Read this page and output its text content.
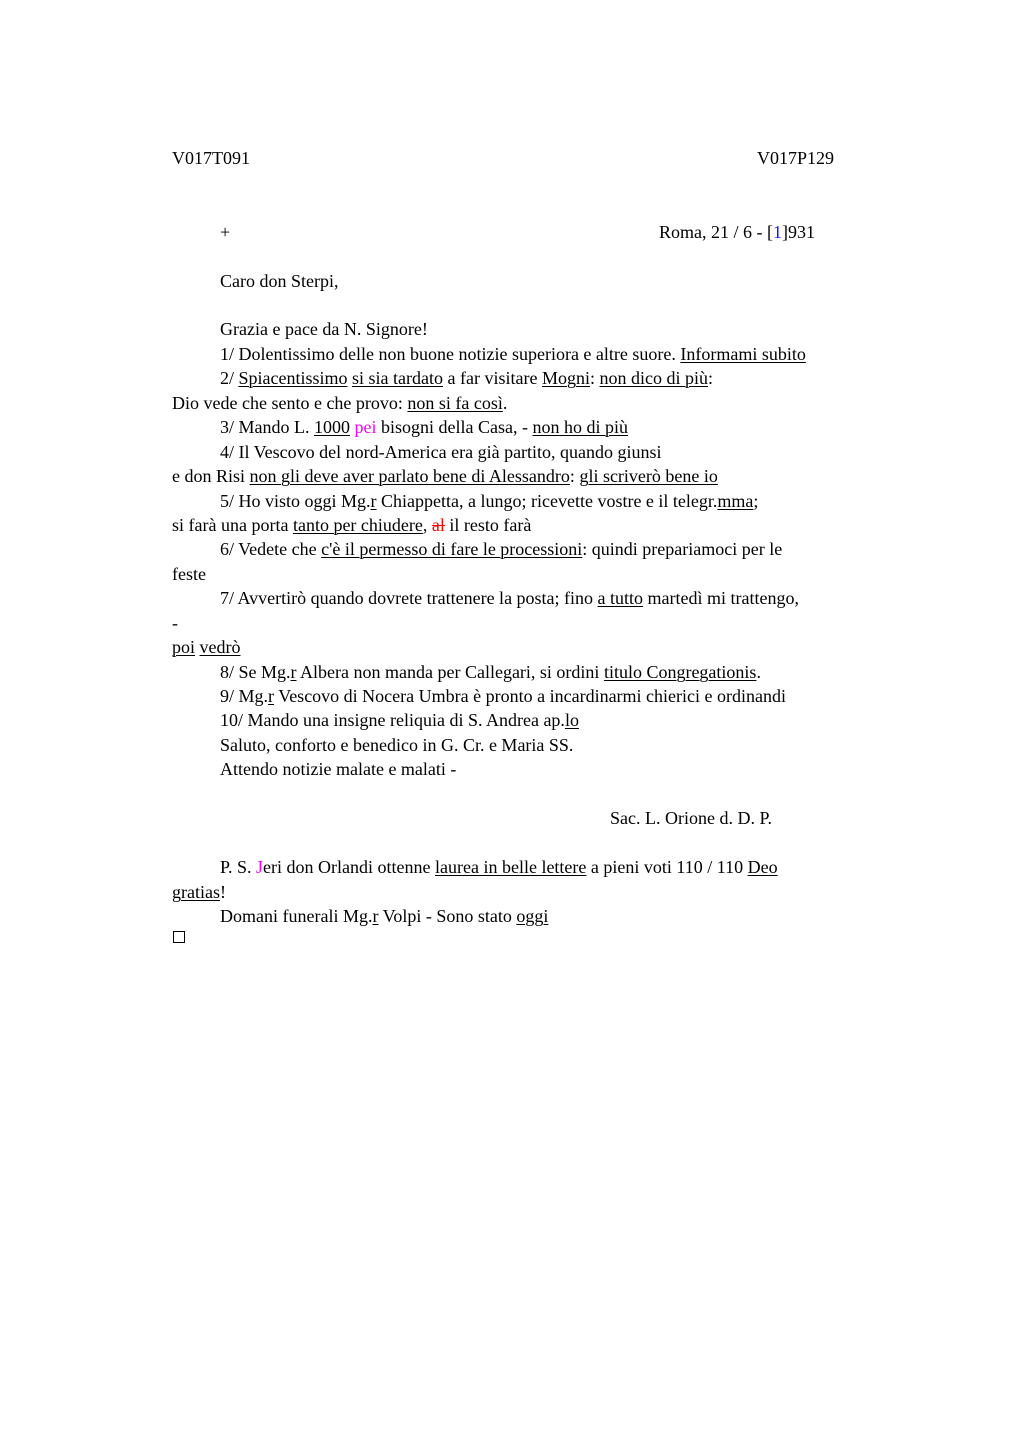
V017T091	V017P129
+	Roma, 21 / 6 - [1]931
Caro don Sterpi,
Grazia e pace da N. Signore!
1/ Dolentissimo delle non buone notizie superiora e altre suore. Informami subito
2/ Spiacentissimo si sia tardato a far visitare Mogni: non dico di più:
Dio vede che sento e che provo: non si fa così.
3/ Mando L. 1000 pei bisogni della Casa, - non ho di più
4/ Il Vescovo del nord-America era già partito, quando giunsi
e don Risi non gli deve aver parlato bene di Alessandro: gli scriverò bene io
5/ Ho visto oggi Mg.r Chiappetta, a lungo; ricevette vostre e il telegr.mma;
si farà una porta tanto per chiudere, al il resto farà
6/ Vedete che c'è il permesso di fare le processioni: quindi prepariamoci per le
feste
7/ Avvertirò quando dovrete trattenere la posta; fino a tutto martedì mi trattengo,
-
poi vedrò
8/ Se Mg.r Albera non manda per Callegari, si ordini titulo Congregationis.
9/ Mg.r Vescovo di Nocera Umbra è pronto a incardinarmi chierici e ordinandi
10/ Mando una insigne reliquia di S. Andrea ap.lo
Saluto, conforto e benedico in G. Cr. e Maria SS.
Attendo notizie malate e malati -
Sac. L. Orione d. D. P.
P. S. Jeri don Orlandi ottenne laurea in belle lettere a pieni voti 110 / 110 Deo
gratias!
Domani funerali Mg.r Volpi - Sono stato oggi
